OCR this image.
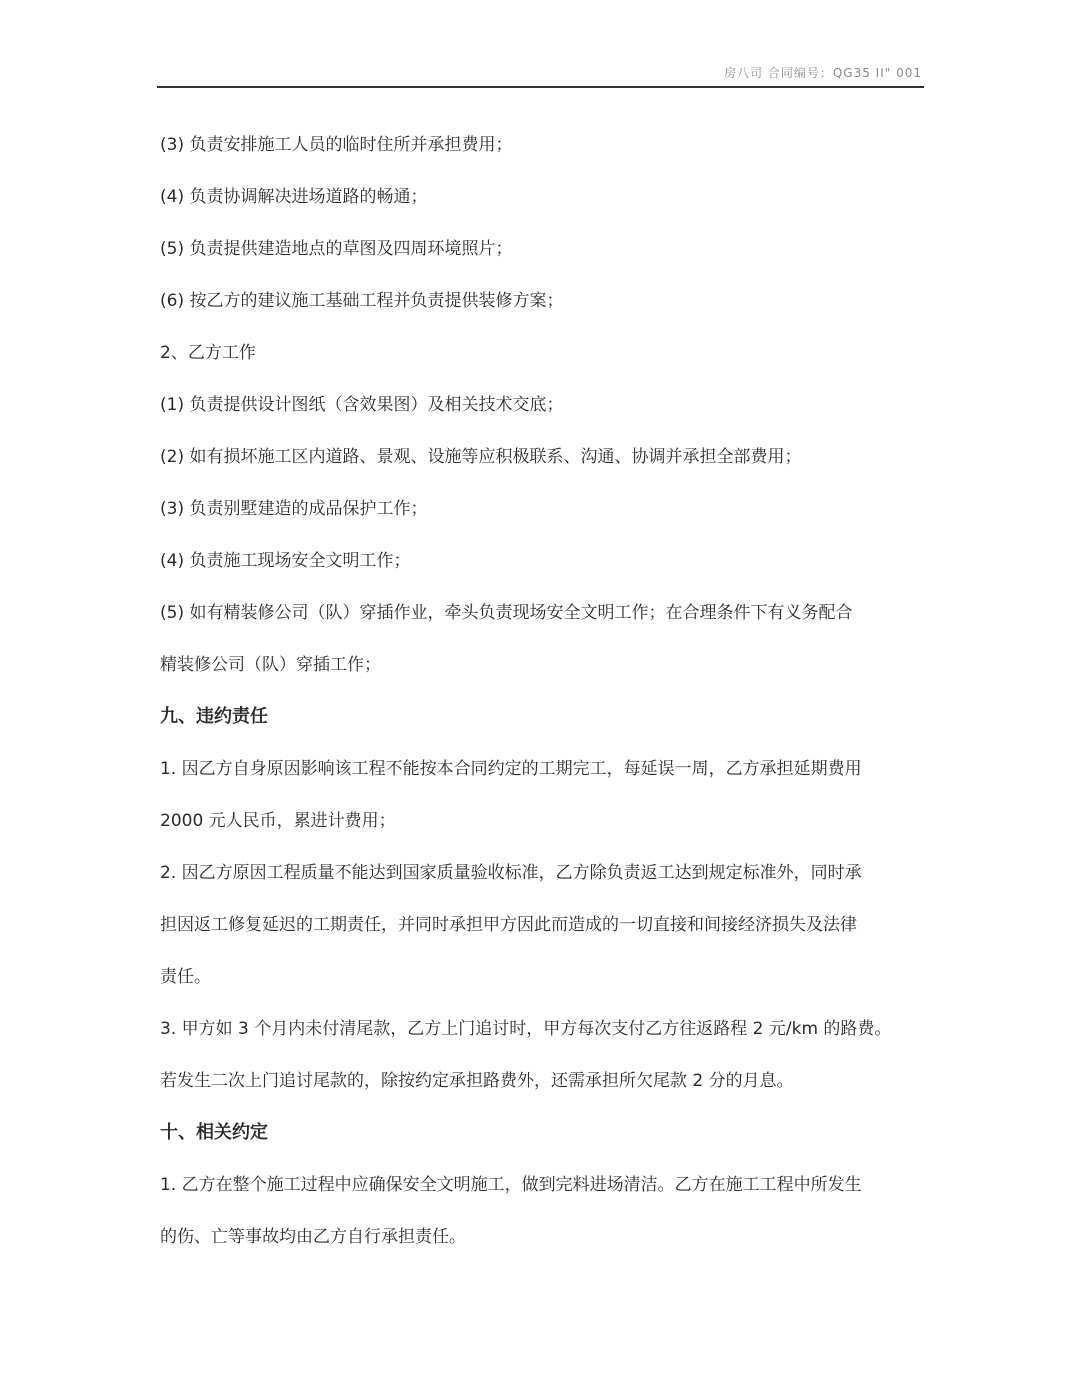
房八司 合同编号：QG35 II" 001
(3) 负责安排施工人员的临时住所并承担费用；
(4) 负责协调解决进场道路的畅通；
(5) 负责提供建造地点的草图及四周环境照片；
(6) 按乙方的建议施工基础工程并负责提供装修方案；
2、乙方工作
(1) 负责提供设计图纸（含效果图）及相关技术交底；
(2) 如有损坏施工区内道路、景观、设施等应积极联系、沟通、协调并承担全部费用；
(3) 负责别墅建造的成品保护工作；
(4) 负责施工现场安全文明工作；
(5) 如有精装修公司（队）穿插作业，牵头负责现场安全文明工作；在合理条件下有义务配合
精装修公司（队）穿插工作；
九、违约责任
1. 因乙方自身原因影响该工程不能按本合同约定的工期完工，每延误一周，乙方承担延期费用
2000 元人民币，累进计费用；
2. 因乙方原因工程质量不能达到国家质量验收标准，乙方除负责返工达到规定标准外，同时承
担因返工修复延迟的工期责任，并同时承担甲方因此而造成的一切直接和间接经济损失及法律
责任。
3. 甲方如 3 个月内未付清尾款，乙方上门追讨时，甲方每次支付乙方往返路程 2 元/km 的路费。
若发生二次上门追讨尾款的，除按约定承担路费外，还需承担所欠尾款 2 分的月息。
十、相关约定
1. 乙方在整个施工过程中应确保安全文明施工，做到完料进场清洁。乙方在施工工程中所发生
的伤、亡等事故均由乙方自行承担责任。
